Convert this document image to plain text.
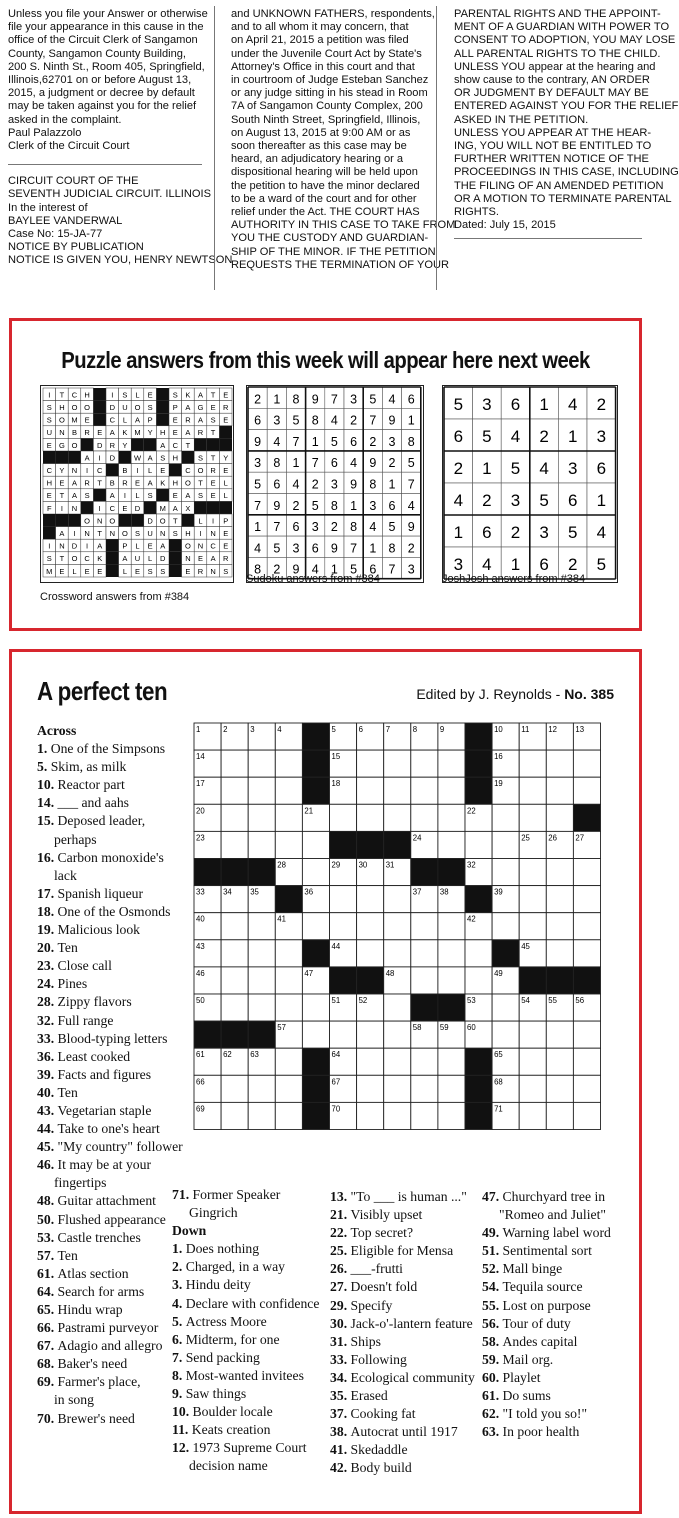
Unless you file your Answer or otherwise
file your appearance in this cause in the
office of the Circuit Clerk of Sangamon
County, Sangamon County Building,
200 S. Ninth St., Room 405, Springfield,
Illinois,62701 on or before August 13,
2015, a judgment or decree by default
may be taken against you for the relief
asked in the complaint.
Paul Palazzolo
Clerk of the Circuit Court
CIRCUIT COURT OF THE
SEVENTH JUDICIAL CIRCUIT. ILLINOIS
In the interest of
BAYLEE VANDERWAL
Case No: 15-JA-77
NOTICE BY PUBLICATION
NOTICE IS GIVEN YOU, HENRY NEWTSON
and UNKNOWN FATHERS, respondents,
and to all whom it may concern, that
on April 21, 2015 a petition was filed
under the Juvenile Court Act by State's
Attorney's Office in this court and that
in courtroom of Judge Esteban Sanchez
or any judge sitting in his stead in Room
7A of Sangamon County Complex, 200
South Ninth Street, Springfield, Illinois,
on August 13, 2015 at 9:00 AM or as
soon thereafter as this case may be
heard, an adjudicatory hearing or a
dispositional hearing will be held upon
the petition to have the minor declared
to be a ward of the court and for other
relief under the Act. THE COURT HAS
AUTHORITY IN THIS CASE TO TAKE FROM
YOU THE CUSTODY AND GUARDIAN-
SHIP OF THE MINOR. IF THE PETITION
REQUESTS THE TERMINATION OF YOUR
PARENTAL RIGHTS AND THE APPOINT-
MENT OF A GUARDIAN WITH POWER TO
CONSENT TO ADOPTION, YOU MAY LOSE
ALL PARENTAL RIGHTS TO THE CHILD.
UNLESS YOU appear at the hearing and
show cause to the contrary, AN ORDER
OR JUDGMENT BY DEFAULT MAY BE
ENTERED AGAINST YOU FOR THE RELIEF
ASKED IN THE PETITION.
UNLESS YOU APPEAR AT THE HEAR-
ING, YOU WILL NOT BE ENTITLED TO
FURTHER WRITTEN NOTICE OF THE
PROCEEDINGS IN THIS CASE, INCLUDING
THE FILING OF AN AMENDED PETITION
OR A MOTION TO TERMINATE PARENTAL
RIGHTS.
Dated: July 15, 2015
Puzzle answers from this week will appear here next week
I T C H	I S L E	S K A T E
S H O O	D U O S	P A G E R
S O M E	C L A P	E R A S E
U N B R E A K M Y H E A R T
E G O	D R Y	A C T
A I D	W A S H	S T Y
C Y N I C	B I L E	C O R E
H E A R T B R E A K H O T E L
E T A S	A I L S	E A S E L
F I N	I C E D	M A X
O N O	D O T	L I P
A I N T N O S U N S H I N E
I N D I A	P L E A	O N C E
S T O C K	A U L D	N E A R
M E L E E	L E S S	E R N S
Crossword answers from #384
2 1 8 9 7 3 5 4 6
6 3 5 8 4 2 7 9 1
9 4 7 1 5 6 2 3 8
3 8 1 7 6 4 9 2 5
5 6 4 2 3 9 8 1 7
7 9 2 5 8 1 3 6 4
1 7 6 3 2 8 4 5 9
4 5 3 6 9 7 1 8 2
8 2 9 4 1 5 6 7 3
Sudoku answers from #384
5 3 6 1 4 2
6 5 4 2 1 3
2 1 5 4 3 6
4 2 3 5 6 1
1 6 2 3 5 4
3 4 1 6 2 5
JoshJosh answers from #384
A perfect ten	Edited by J. Reynolds - No. 385
1	2	3	4	5	6	7	8	9	10 11 12 13
14	15	16
17	18	19
20	21	22
23	24	25 26 27
28	29 30 31	32
33 34 35	36	37 38	39
40	41	42
43	44	45
46	47	48	49
50	51 52	53	54 55 56
57	58 59 60
61 62 63	64	65
66	67	68
69	70	71
Across
1. One of the Simpsons
5. Skim, as milk
10. Reactor part
14. ___ and aahs
15. Deposed leader,
perhaps
16. Carbon monoxide's
lack
17. Spanish liqueur
18. One of the Osmonds
19. Malicious look
20. Ten
23. Close call
24. Pines
28. Zippy flavors
32. Full range
33. Blood-typing letters
36. Least cooked
39. Facts and figures
40. Ten
43. Vegetarian staple
44. Take to one's heart
45. "My country" follower
46. It may be at your
fingertips
48. Guitar attachment
50. Flushed appearance
53. Castle trenches
57. Ten
61. Atlas section
64. Search for arms
65. Hindu wrap
66. Pastrami purveyor
67. Adagio and allegro
68. Baker's need
69. Farmer's place,
in song
70. Brewer's need
71. Former Speaker
Gingrich
Down
1. Does nothing
2. Charged, in a way
3. Hindu deity
4. Declare with confidence
5. Actress Moore
6. Midterm, for one
7. Send packing
8. Most-wanted invitees
9. Saw things
10. Boulder locale
11. Keats creation
12. 1973 Supreme Court
decision name
13. "To ___ is human ..."
21. Visibly upset
22. Top secret?
25. Eligible for Mensa
26. ___-frutti
27. Doesn't fold
29. Specify
30. Jack-o'-lantern feature
31. Ships
33. Following
34. Ecological community
35. Erased
37. Cooking fat
38. Autocrat until 1917
41. Skedaddle
42. Body build
47. Churchyard tree in
"Romeo and Juliet"
49. Warning label word
51. Sentimental sort
52. Mall binge
54. Tequila source
55. Lost on purpose
56. Tour of duty
58. Andes capital
59. Mail org.
60. Playlet
61. Do sums
62. "I told you so!"
63. In poor health
